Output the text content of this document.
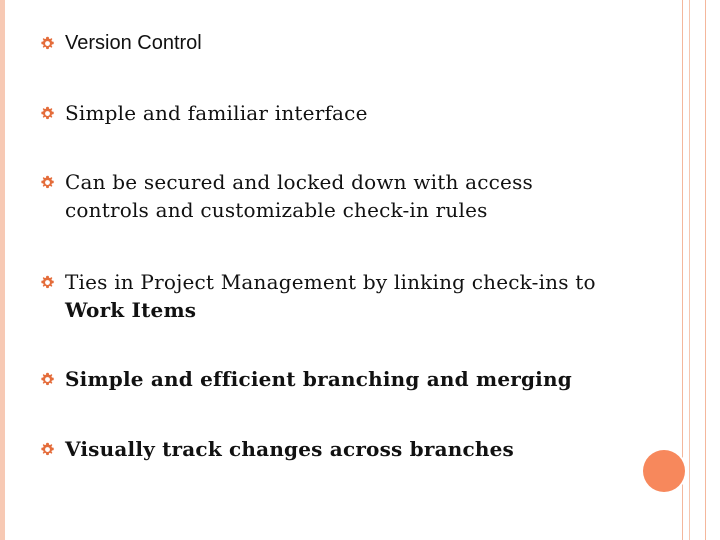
Version Control
Simple and familiar interface
Can be secured and locked down with access
controls and customizable check-in rules
Ties in Project Management by linking check-ins to
Work Items
Simple and efficient branching and merging
Visually track changes across branches
